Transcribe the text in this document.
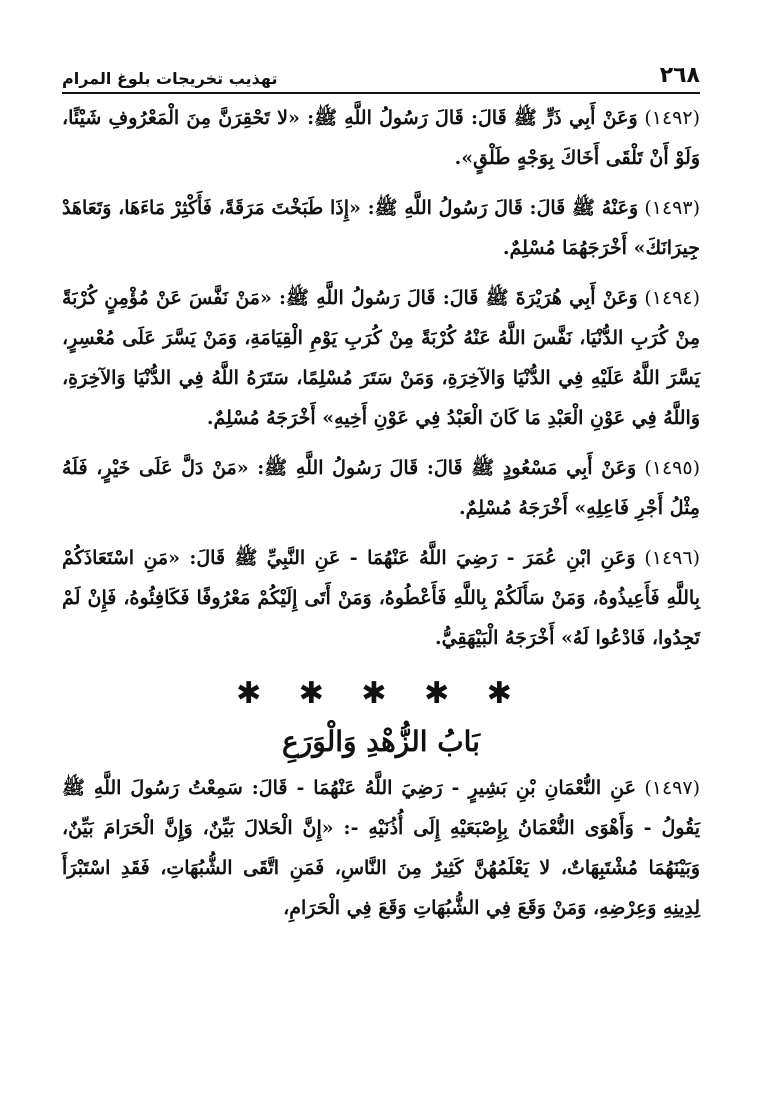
٢٦٨
تهذيب تخريجات بلوغ المرام

(١٤٩٢) وَعَنْ أَبِي ذَرٍّ ﷺ قَالَ: قَالَ رَسُولُ اللَّهِ ﷺ: «لا تَحْقِرَنَّ مِنَ الْمَعْرُوفِ شَيْئًا، وَلَوْ أَنْ تَلْقَى أَخَاكَ بِوَجْهٍ طَلْقٍ».

(١٤٩٣) وَعَنْهُ ﷺ قَالَ: قَالَ رَسُولُ اللَّهِ ﷺ: «إِذَا طَبَخْتَ مَرَقَةً، فَأَكْثِرْ مَاءَهَا، وَتَعَاهَدْ جِيرَانَكَ» أَخْرَجَهُمَا مُسْلِمٌ.

(١٤٩٤) وَعَنْ أَبِي هُرَيْرَةَ ﷺ قَالَ: قَالَ رَسُولُ اللَّهِ ﷺ: «مَنْ نَفَّسَ عَنْ مُؤْمِنٍ كُرْبَةً مِنْ كُرَبِ الدُّنْيَا، نَفَّسَ اللَّهُ عَنْهُ كُرْبَةً مِنْ كُرَبِ يَوْمِ الْقِيَامَةِ، وَمَنْ يَسَّرَ عَلَى مُعْسِرٍ، يَسَّرَ اللَّهُ عَلَيْهِ فِي الدُّنْيَا وَالآخِرَةِ، وَمَنْ سَتَرَ مُسْلِمًا، سَتَرَهُ اللَّهُ فِي الدُّنْيَا وَالآخِرَةِ، وَاللَّهُ فِي عَوْنِ الْعَبْدِ مَا كَانَ الْعَبْدُ فِي عَوْنِ أَخِيهِ» أَخْرَجَهُ مُسْلِمٌ.

(١٤٩٥) وَعَنْ أَبِي مَسْعُودٍ ﷺ قَالَ: قَالَ رَسُولُ اللَّهِ ﷺ: «مَنْ دَلَّ عَلَى خَيْرٍ، فَلَهُ مِثْلُ أَجْرِ فَاعِلِهِ» أَخْرَجَهُ مُسْلِمٌ.

(١٤٩٦) وَعَنِ ابْنِ عُمَرَ - رَضِيَ اللَّهُ عَنْهُمَا - عَنِ النَّبِيِّ ﷺ قَالَ: «مَنِ اسْتَعَاذَكُمْ بِاللَّهِ فَأَعِيذُوهُ، وَمَنْ سَأَلَكُمْ بِاللَّهِ فَأَعْطُوهُ، وَمَنْ أَتَى إِلَيْكُمْ مَعْرُوفًا فَكَافِئُوهُ، فَإِنْ لَمْ تَجِدُوا، فَادْعُوا لَهُ» أَخْرَجَهُ الْبَيْهَقِيُّ.

✱ ✱ ✱ ✱ ✱
بَابُ الزُّهْدِ وَالْوَرَعِ

(١٤٩٧) عَنِ النُّعْمَانِ بْنِ بَشِيرٍ - رَضِيَ اللَّهُ عَنْهُمَا - قَالَ: سَمِعْتُ رَسُولَ اللَّهِ ﷺ يَقُولُ - وَأَهْوَى النُّعْمَانُ بِإِصْبَعَيْهِ إِلَى أُذُنَيْهِ -: «إِنَّ الْحَلالَ بَيِّنٌ، وَإِنَّ الْحَرَامَ بَيِّنٌ، وَبَيْنَهُمَا مُشْتَبِهَاتٌ، لا يَعْلَمُهُنَّ كَثِيرٌ مِنَ النَّاسِ، فَمَنِ اتَّقَى الشُّبُهَاتِ، فَقَدِ اسْتَبْرَأَ لِدِينِهِ وَعِرْضِهِ، وَمَنْ وَقَعَ فِي الشُّبُهَاتِ وَقَعَ فِي الْحَرَامِ،
